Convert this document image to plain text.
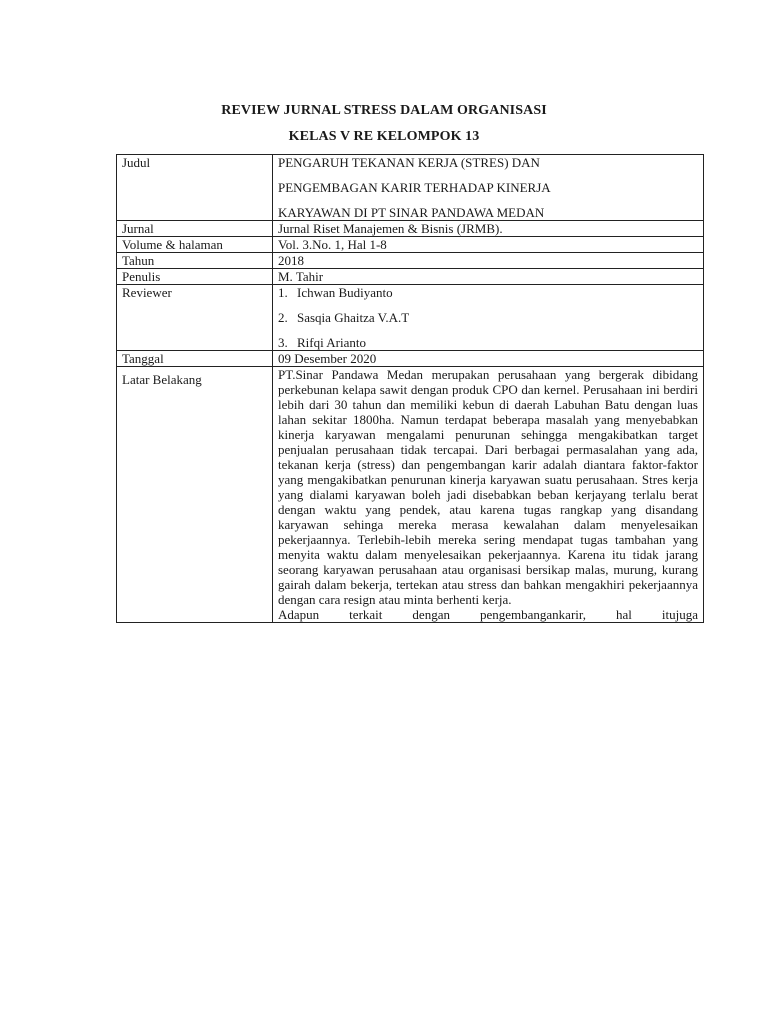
REVIEW JURNAL STRESS DALAM ORGANISASI
KELAS V RE KELOMPOK 13
Judul	PENGARUH TEKANAN KERJA (STRES) DAN
PENGEMBAGAN KARIR TERHADAP KINERJA
KARYAWAN DI PT SINAR PANDAWA MEDAN

Jurnal	Jurnal Riset Manajemen & Bisnis (JRMB).
Volume & halaman	Vol. 3.No. 1, Hal 1-8
Tahun	2018
Penulis	M. Tahir
Reviewer	1. Ichwan Budiyanto
2. Sasqia Ghaitza V.A.T
3. Rifqi Arianto

Tanggal	09 Desember 2020
Latar Belakang	PT.Sinar Pandawa Medan merupakan perusahaan yang bergerak dibidang perkebunan kelapa sawit dengan produk CPO dan kernel. Perusahaan ini berdiri lebih dari 30 tahun dan memiliki kebun di daerah Labuhan Batu dengan luas lahan sekitar 1800ha. Namun terdapat beberapa masalah yang menyebabkan kinerja karyawan mengalami penurunan sehingga mengakibatkan target penjualan perusahaan tidak tercapai. Dari berbagai permasalahan yang ada, tekanan kerja (stress) dan pengembangan karir adalah diantara faktor-faktor yang mengakibatkan penurunan kinerja karyawan suatu perusahaan. Stres kerja yang dialami karyawan boleh jadi disebabkan beban kerjayang terlalu berat dengan waktu yang pendek, atau karena tugas rangkap yang disandang karyawan sehinga mereka merasa kewalahan dalam menyelesaikan pekerjaannya. Terlebih-lebih mereka sering mendapat tugas tambahan yang menyita waktu dalam menyelesaikan pekerjaannya. Karena itu tidak jarang seorang karyawan perusahaan atau organisasi bersikap malas, murung, kurang gairah dalam bekerja, tertekan atau stress dan bahkan mengakhiri pekerjaannya dengan cara resign atau minta berhenti kerja.
Adapun terkait dengan pengembangankarir, hal itujuga
